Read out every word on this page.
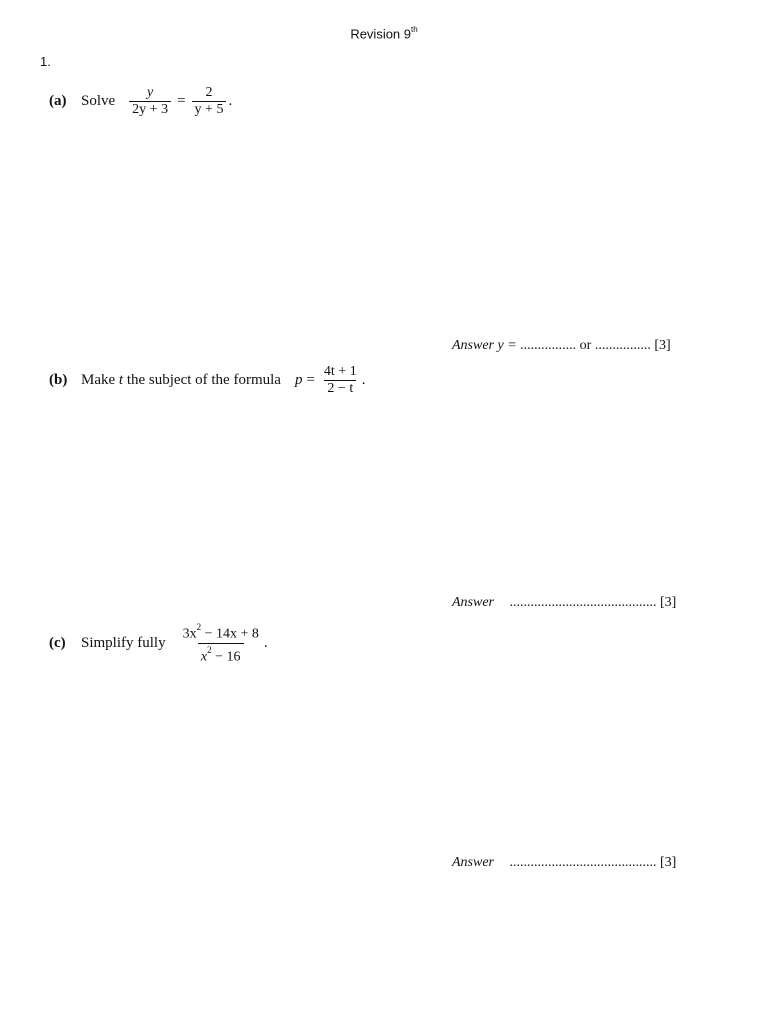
Revision 9th
1.
(a) Solve $\frac{y}{2y + 3} = \frac{2}{y + 5}$ .
Answer y = ................ or ................ [3]
(b) Make
t
the subject of the formula $p = \frac{4t + 1}{2 - t}$ .
Answer .......................................... [3]
(c)	Simplify fully $\frac{3x^2 - 14x + 8}{x^2 - 16}$ .
Answer .......................................... [3]
